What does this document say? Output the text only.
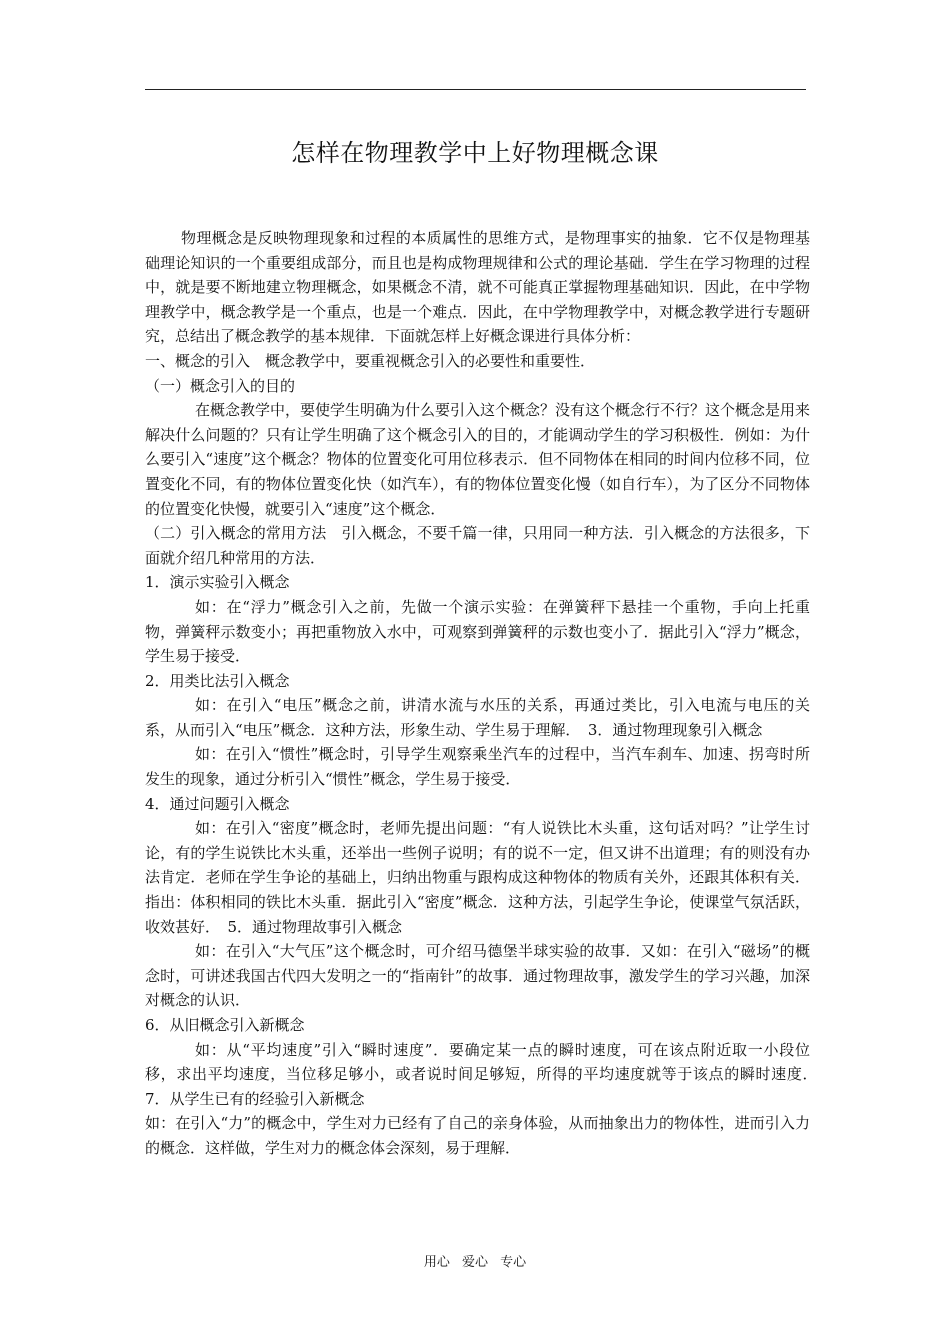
怎样在物理教学中上好物理概念课

物理概念是反映物理现象和过程的本质属性的思维方式，是物理事实的抽象．它不仅是物理基础理论知识的一个重要组成部分，而且也是构成物理规律和公式的理论基础．学生在学习物理的过程中，就是要不断地建立物理概念，如果概念不清，就不可能真正掌握物理基础知识．因此，在中学物理教学中，概念教学是一个重点，也是一个难点．因此，在中学物理教学中，对概念教学进行专题研究，总结出了概念教学的基本规律．下面就怎样上好概念课进行具体分析：

一、概念的引入　概念教学中，要重视概念引入的必要性和重要性．

（一）概念引入的目的

在概念教学中，要使学生明确为什么要引入这个概念？没有这个概念行不行？这个概念是用来解决什么问题的？只有让学生明确了这个概念引入的目的，才能调动学生的学习积极性．例如：为什么要引入“速度”这个概念？物体的位置变化可用位移表示．但不同物体在相同的时间内位移不同，位置变化不同，有的物体位置变化快（如汽车），有的物体位置变化慢（如自行车），为了区分不同物体的位置变化快慢，就要引入“速度”这个概念．

（二）引入概念的常用方法　引入概念，不要千篇一律，只用同一种方法．引入概念的方法很多，下面就介绍几种常用的方法．

1．演示实验引入概念

如：在“浮力”概念引入之前，先做一个演示实验：在弹簧秤下悬挂一个重物，手向上托重物，弹簧秤示数变小；再把重物放入水中，可观察到弹簧秤的示数也变小了．据此引入“浮力”概念，学生易于接受．

2．用类比法引入概念

如：在引入“电压”概念之前，讲清水流与水压的关系，再通过类比，引入电流与电压的关系，从而引入“电压”概念．这种方法，形象生动、学生易于理解．　3．通过物理现象引入概念

如：在引入“惯性”概念时，引导学生观察乘坐汽车的过程中，当汽车刹车、加速、拐弯时所发生的现象，通过分析引入“惯性”概念，学生易于接受．

4．通过问题引入概念

如：在引入“密度”概念时，老师先提出问题：“有人说铁比木头重，这句话对吗？”让学生讨论，有的学生说铁比木头重，还举出一些例子说明；有的说不一定，但又讲不出道理；有的则没有办法肯定．老师在学生争论的基础上，归纳出物重与跟构成这种物体的物质有关外，还跟其体积有关．指出：体积相同的铁比木头重．据此引入“密度”概念．这种方法，引起学生争论，使课堂气氛活跃，收效甚好．　5．通过物理故事引入概念

如：在引入“大气压”这个概念时，可介绍马德堡半球实验的故事．又如：在引入“磁场”的概念时，可讲述我国古代四大发明之一的“指南针”的故事．通过物理故事，激发学生的学习兴趣，加深对概念的认识．

6．从旧概念引入新概念

如：从“平均速度”引入“瞬时速度”．要确定某一点的瞬时速度，可在该点附近取一小段位移，求出平均速度，当位移足够小，或者说时间足够短，所得的平均速度就等于该点的瞬时速度．　7．从学生已有的经验引入新概念

如：在引入“力”的概念中，学生对力已经有了自己的亲身体验，从而抽象出力的物体性，进而引入力的概念．这样做，学生对力的概念体会深刻，易于理解．

用心 爱心 专心
